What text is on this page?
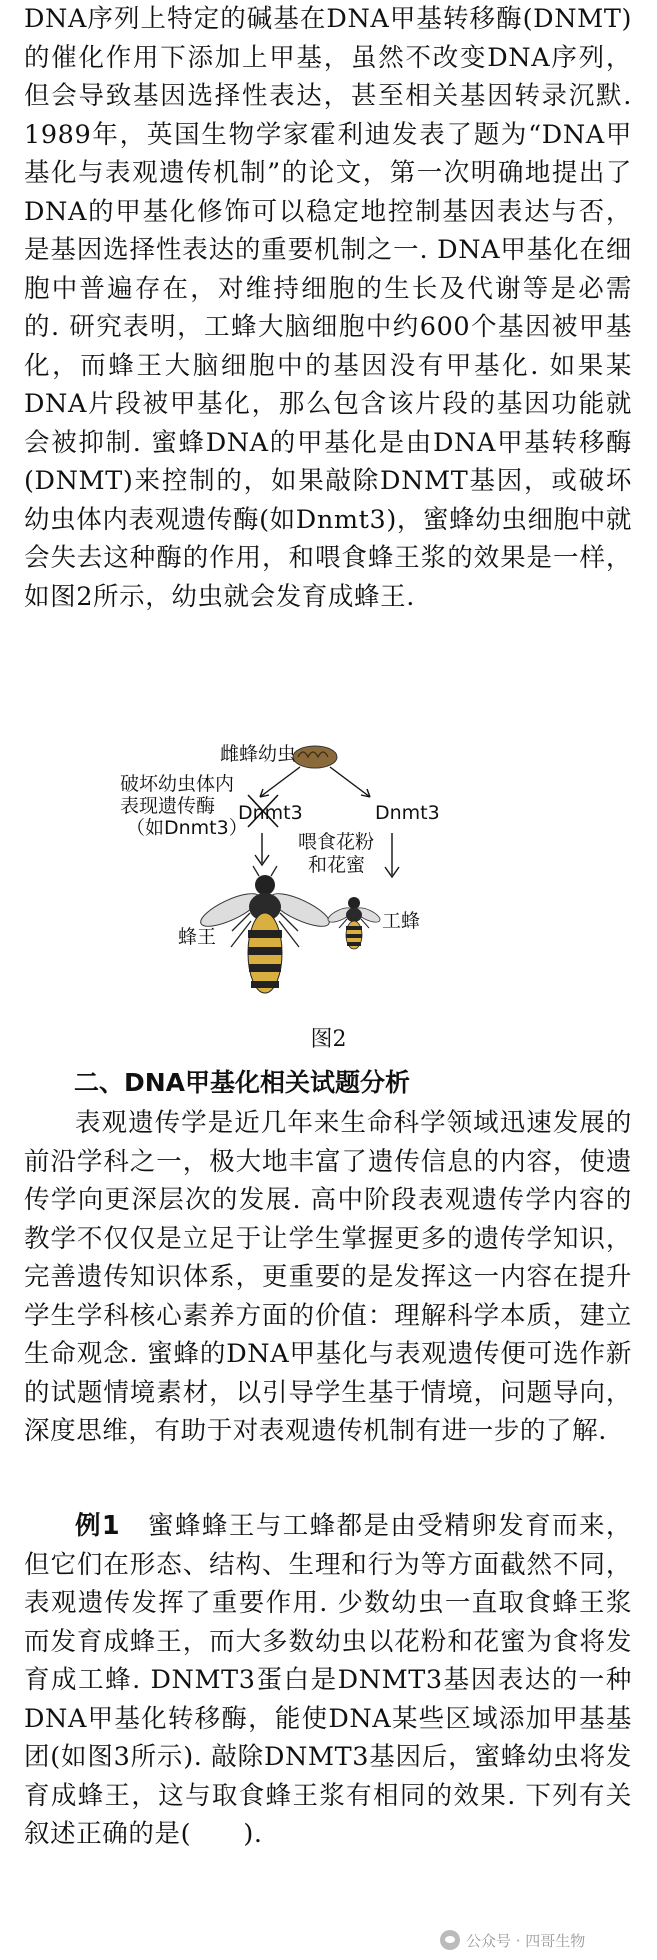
DNA序列上特定的碱基在DNA甲基转移酶(DNMT)的催化作用下添加上甲基，虽然不改变DNA序列，但会导致基因选择性表达，甚至相关基因转录沉默. 1989年，英国生物学家霍利迪发表了题为“DNA甲基化与表观遗传机制”的论文，第一次明确地提出了DNA的甲基化修饰可以稳定地控制基因表达与否，是基因选择性表达的重要机制之一. DNA甲基化在细胞中普遍存在，对维持细胞的生长及代谢等是必需的. 研究表明，工蜂大脑细胞中约600个基因被甲基化，而蜂王大脑细胞中的基因没有甲基化. 如果某DNA片段被甲基化，那么包含该片段的基因功能就会被抑制. 蜜蜂DNA的甲基化是由DNA甲基转移酶(DNMT)来控制的，如果敲除DNMT基因，或破坏幼虫体内表观遗传酶(如Dnmt3)，蜜蜂幼虫细胞中就会失去这种酶的作用，和喂食蜂王浆的效果是一样，如图2所示，幼虫就会发育成蜂王.

雌蜂幼虫
破坏幼虫体内
表现遗传酶
（如Dnmt3）
Dnmt3	Dnmt3
喂食花粉
和花蜜
蜂王
工蜂
图2
二、DNA甲基化相关试题分析

表观遗传学是近几年来生命科学领域迅速发展的前沿学科之一，极大地丰富了遗传信息的内容，使遗传学向更深层次的发展. 高中阶段表观遗传学内容的教学不仅仅是立足于让学生掌握更多的遗传学知识，完善遗传知识体系，更重要的是发挥这一内容在提升学生学科核心素养方面的价值：理解科学本质，建立生命观念. 蜜蜂的DNA甲基化与表观遗传便可选作新的试题情境素材，以引导学生基于情境，问题导向，深度思维，有助于对表观遗传机制有进一步的了解.

例1　 蜜蜂蜂王与工蜂都是由受精卵发育而来，但它们在形态、结构、生理和行为等方面截然不同，表观遗传发挥了重要作用. 少数幼虫一直取食蜂王浆而发育成蜂王，而大多数幼虫以花粉和花蜜为食将发育成工蜂. DNMT3蛋白是DNMT3基因表达的一种DNA甲基化转移酶，能使DNA某些区域添加甲基基团(如图3所示). 敲除DNMT3基因后，蜜蜂幼虫将发育成蜂王，这与取食蜂王浆有相同的效果. 下列有关叙述正确的是(　　).

公众号 · 四哥生物
